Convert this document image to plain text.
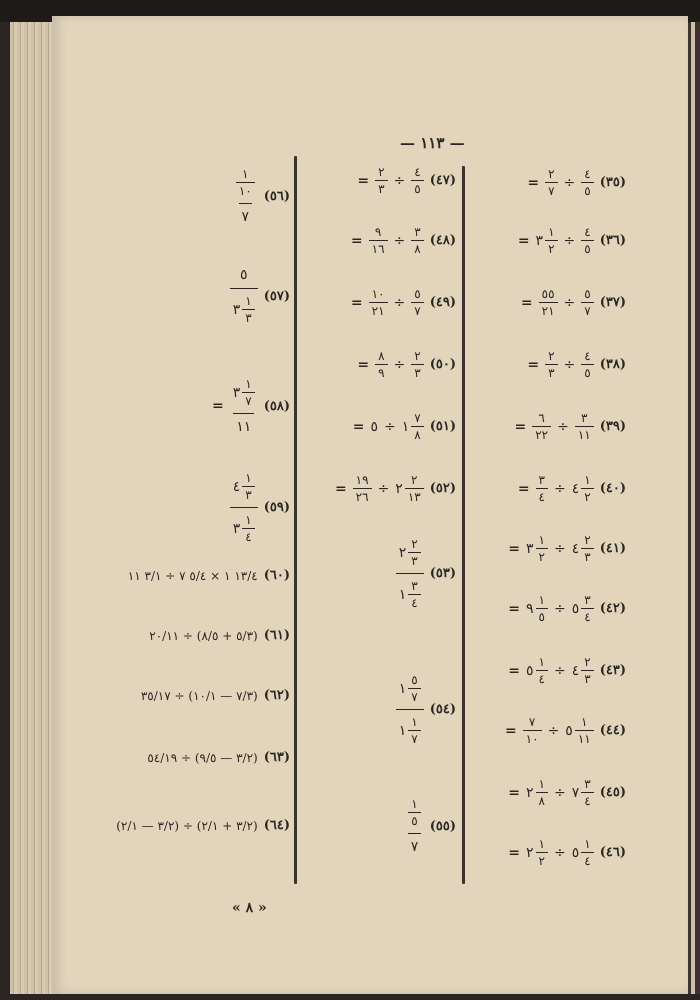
— ١١٣ —
(٣٥)
$\frac{٤}{٥}$
÷
$\frac{٢}{٧}$
=
(٣٦)
$\frac{٤}{٥}$
÷
٣ $\frac{١}{٢}$
=
(٣٧)
$\frac{٥}{٧}$
÷
$\frac{٥٥}{٢١}$
=
(٣٨)
$\frac{٤}{٥}$
÷
$\frac{٢}{٣}$
=
(٣٩)
$\frac{٣}{١١}$
÷
$\frac{٦}{٢٢}$
=
(٤٠)
٤ $\frac{١}{٢}$
÷
$\frac{٣}{٤}$
=
(٤١)
٤ $\frac{٢}{٣}$
÷
٣ $\frac{١}{٢}$
=
(٤٢)
٥ $\frac{٣}{٤}$
÷
٩ $\frac{١}{٥}$
=
(٤٣)
٤ $\frac{٢}{٣}$
÷
٥ $\frac{١}{٤}$
=
(٤٤)
٥ $\frac{١}{١١}$
÷
$\frac{٧}{١٠}$
=
(٤٥)
٧ $\frac{٣}{٤}$
÷
٢ $\frac{١}{٨}$
=
(٤٦)
٥ $\frac{١}{٤}$
÷
٢ $\frac{١}{٢}$
=
(٤٧)
$\frac{٤}{٥}$
÷
$\frac{٢}{٣}$
=
(٤٨)
$\frac{٣}{٨}$
÷
$\frac{٩}{١٦}$
=
(٤٩)
$\frac{٥}{٧}$
÷
$\frac{١٠}{٢١}$
=
(٥٠)
$\frac{٢}{٣}$
÷
$\frac{٨}{٩}$
=
(٥١)
١ $\frac{٧}{٨}$
÷
٥
=
(٥٢)
٢ $\frac{٢}{١٣}$
÷
$\frac{١٩}{٢٦}$
=
(٥٣)
$\frac{٢ \frac{٢}{٣}}{١ \frac{٣}{٤}}$
(٥٤)
$\frac{١ \frac{٥}{٧}}{١ \frac{١}{٧}}$
(٥٥)
$\frac{\frac{١}{٥}}{٧}$
(٥٦)
$\frac{\frac{١}{١٠}}{٧}$
(٥٧)
$\frac{٥}{٣ \frac{١}{٣}}$
(٥٨)
$\frac{٣ \frac{١}{٧}}{١١}$
=
(٥٩)
$\frac{٤ \frac{١}{٣}}{٣ \frac{١}{٤}}$
(٦٠)
١٣/٤ ١ × ٥/٤ ٧ ÷ ٣/١ ١١
(٦١)
(٥/٣ + ٨/٥) ÷ ٢٠/١١
(٦٢)
(٧/٣ — ١٠/١) ÷ ٣٥/١٧
(٦٣)
(٣/٢ — ٩/٥) ÷ ٥٤/١٩
(٦٤)
(٣/٢ + ٢/١) ÷ (٣/٢ — ٢/١)
« ٨ »
